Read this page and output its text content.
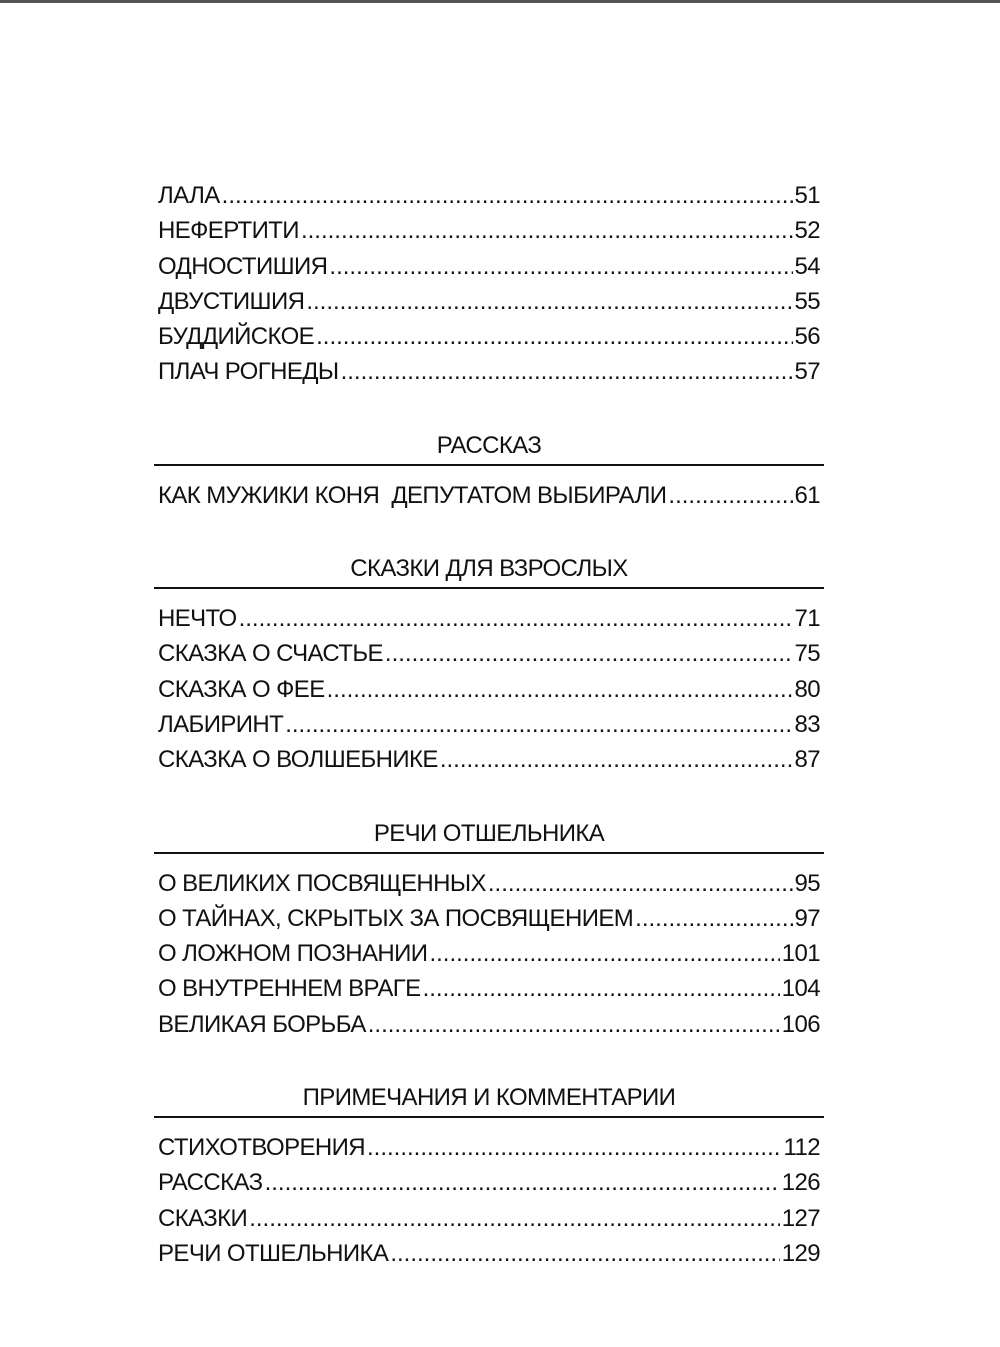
ЛАЛА .....	51
НЕФЕРТИТИ .....	52
ОДНОСТИШИЯ .....	54
ДВУСТИШИЯ .....	55
БУДДИЙСКОЕ .....	56
ПЛАЧ РОГНЕДЫ .....	57
РАССКАЗ
КАК МУЖИКИ КОНЯ  ДЕПУТАТОМ ВЫБИРАЛИ .....	61
СКАЗКИ ДЛЯ ВЗРОСЛЫХ
НЕЧТО .....	71
СКАЗКА О СЧАСТЬЕ .....	75
СКАЗКА О ФЕЕ .....	80
ЛАБИРИНТ .....	83
СКАЗКА О ВОЛШЕБНИКЕ .....	87
РЕЧИ ОТШЕЛЬНИКА
О ВЕЛИКИХ ПОСВЯЩЕННЫХ .....	95
О ТАЙНАХ, СКРЫТЫХ ЗА ПОСВЯЩЕНИЕМ .....	97
О ЛОЖНОМ ПОЗНАНИИ .....	101
О ВНУТРЕННЕМ ВРАГЕ .....	104
ВЕЛИКАЯ БОРЬБА .....	106
ПРИМЕЧАНИЯ И КОММЕНТАРИИ
СТИХОТВОРЕНИЯ .....	112
РАССКАЗ .....	126
СКАЗКИ .....	127
РЕЧИ ОТШЕЛЬНИКА .....	129
